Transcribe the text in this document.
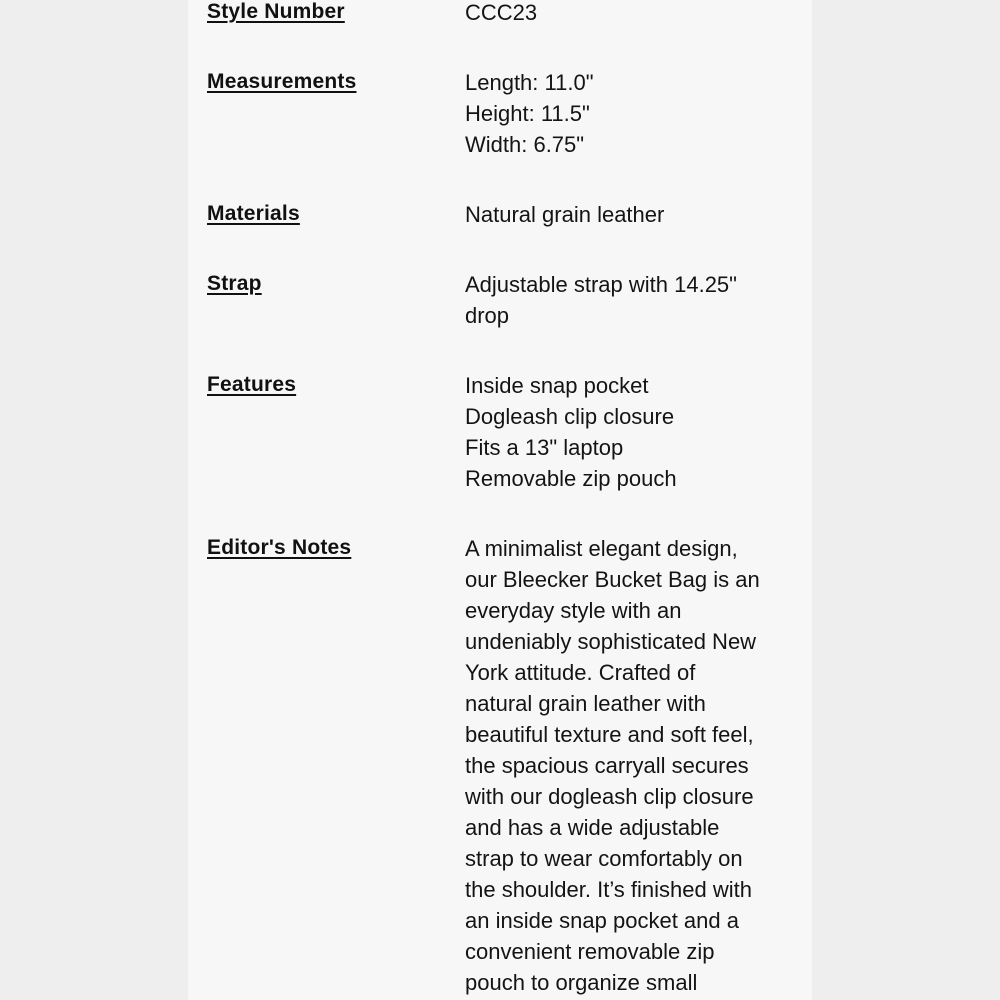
Style Number	CCC23
Measurements	Length: 11.0"
Height: 11.5"
Width: 6.75"
Materials	Natural grain leather
Strap	Adjustable strap with 14.25"
drop
Features	Inside snap pocket
Dogleash clip closure
Fits a 13" laptop
Removable zip pouch
Editor's Notes	A minimalist elegant design,
our Bleecker Bucket Bag is an
everyday style with an
undeniably sophisticated New
York attitude. Crafted of
natural grain leather with
beautiful texture and soft feel,
the spacious carryall secures
with our dogleash clip closure
and has a wide adjustable
strap to wear comfortably on
the shoulder. It’s finished with
an inside snap pocket and a
convenient removable zip
pouch to organize small
